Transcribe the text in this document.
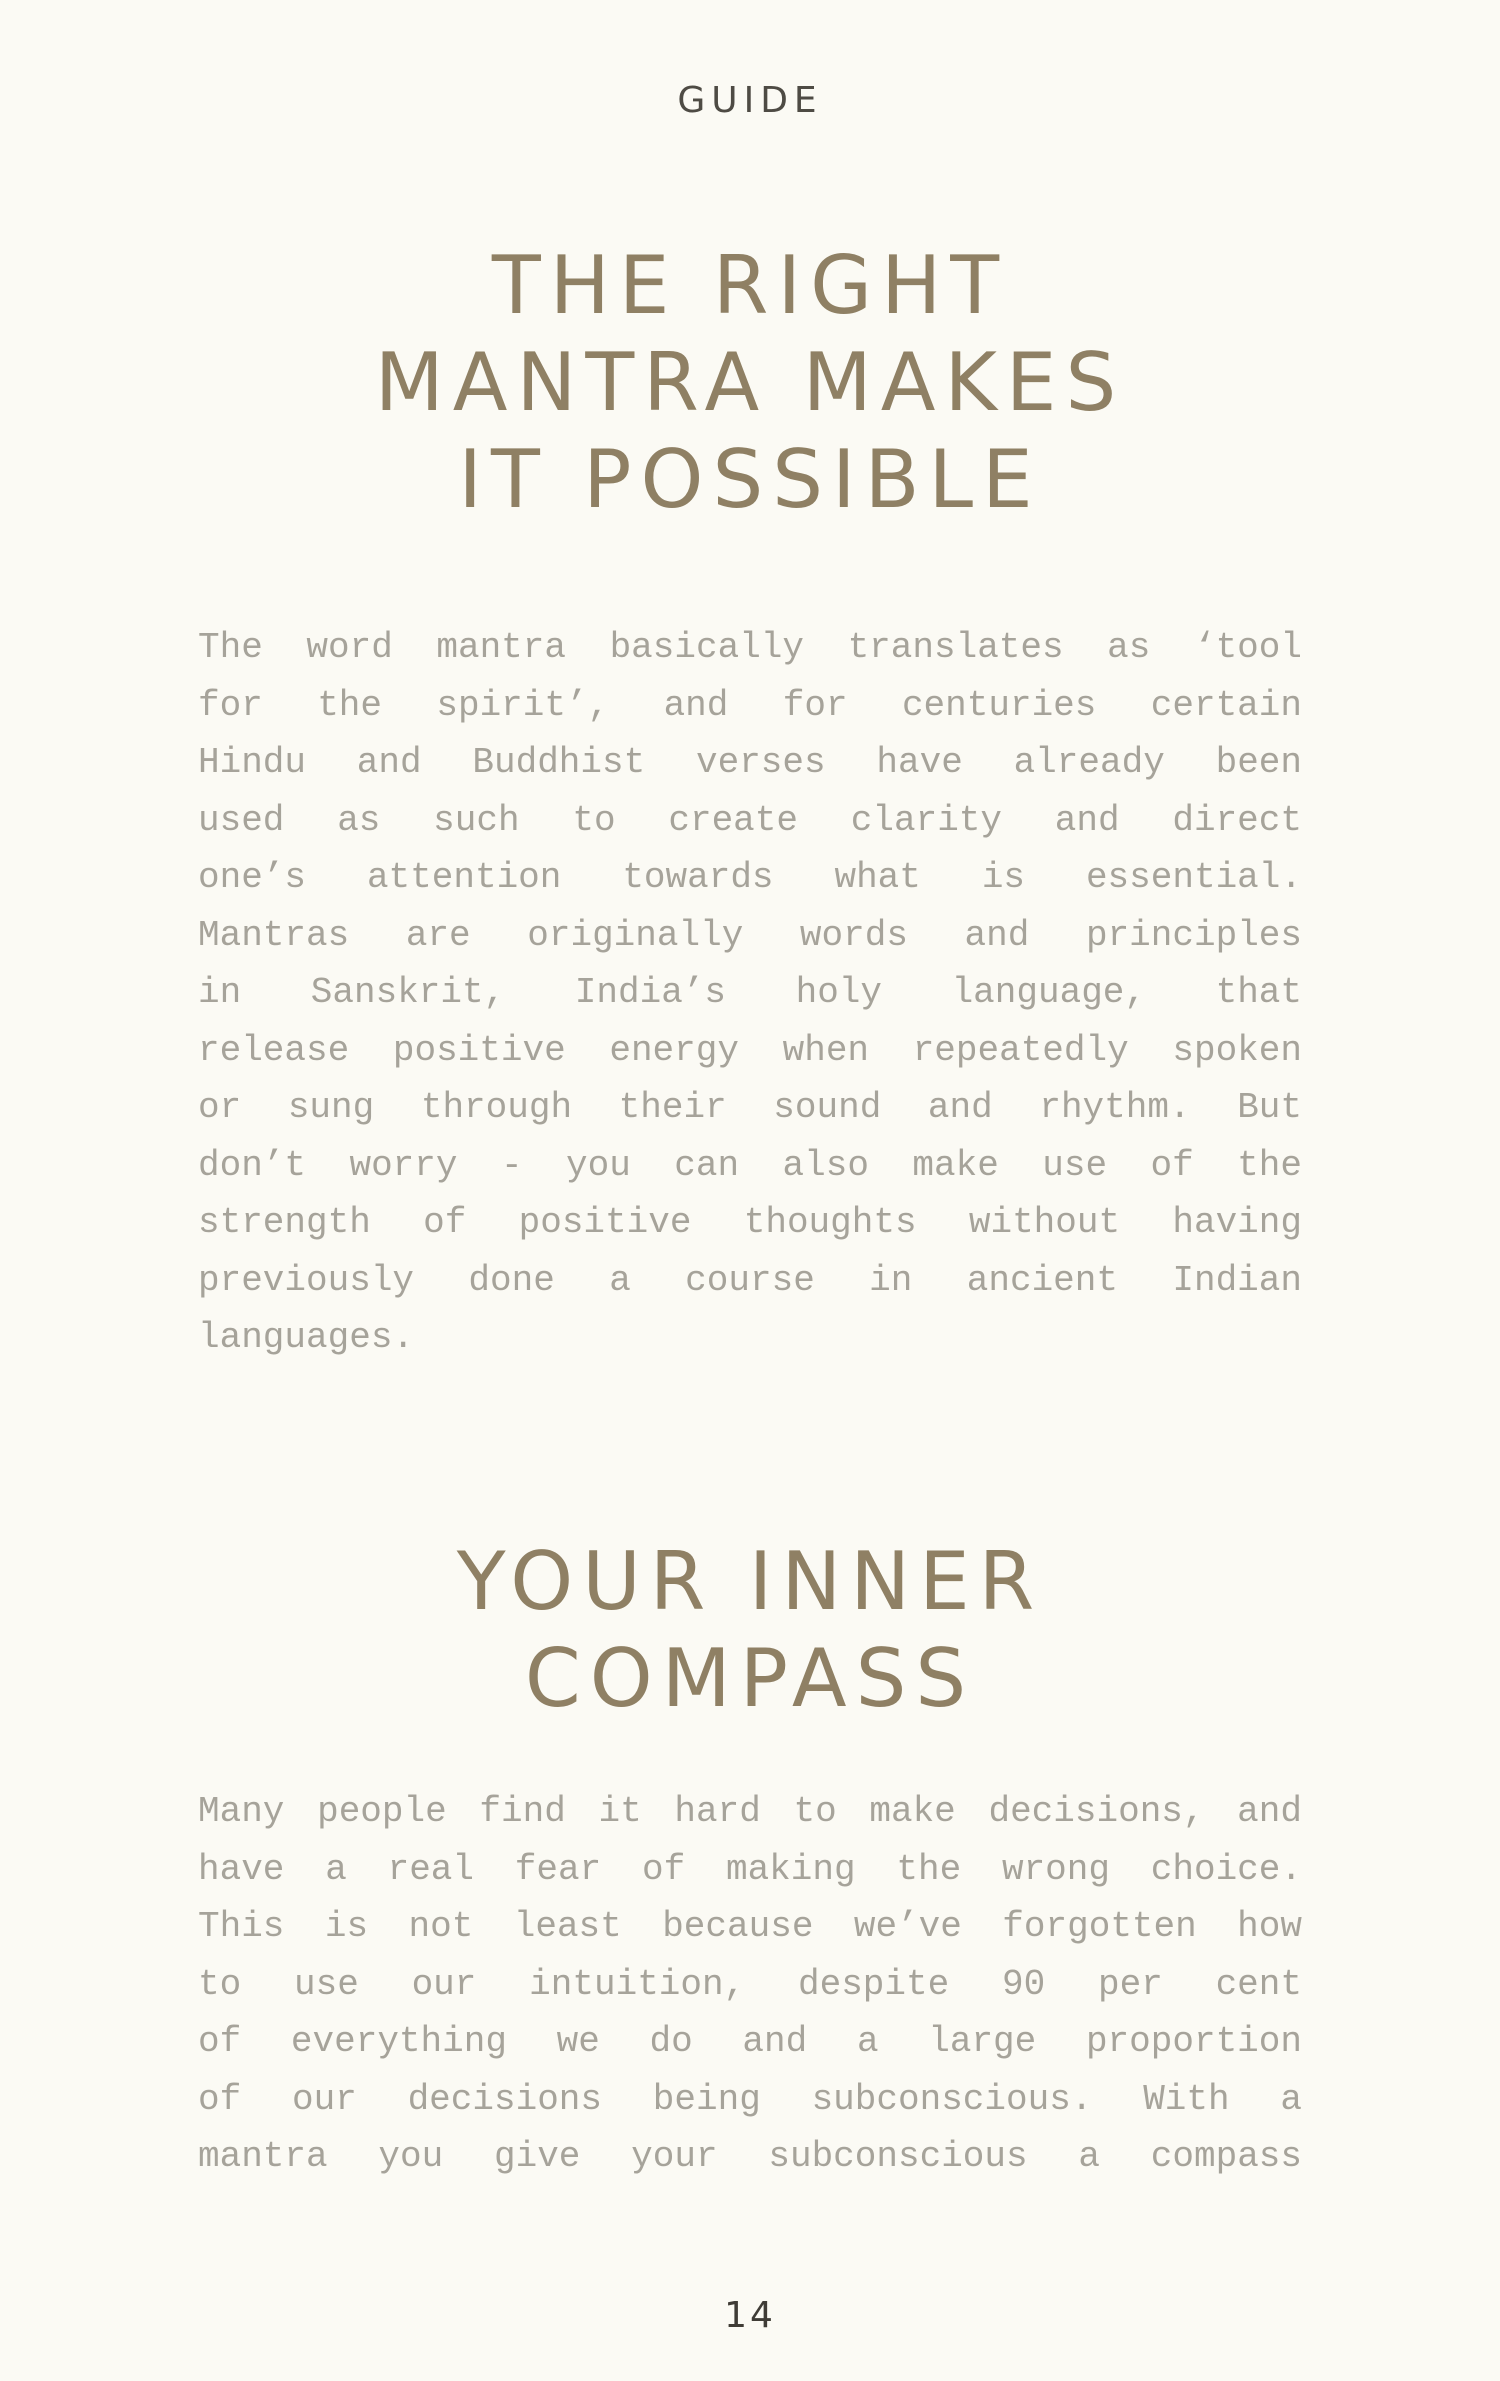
GUIDE

THE RIGHT
MANTRA MAKES
IT POSSIBLE

The word mantra basically translates as ‘tool
for the spirit’, and for centuries certain
Hindu and Buddhist verses have already been
used as such to create clarity and direct
one’s attention towards what is essential.
Mantras are originally words and principles
in Sanskrit, India’s holy language, that
release positive energy when repeatedly spoken
or sung through their sound and rhythm. But
don’t worry - you can also make use of the
strength of positive thoughts without having
previously done a course in ancient Indian
languages.

YOUR INNER
COMPASS

Many people find it hard to make decisions, and
have a real fear of making the wrong choice.
This is not least because we’ve forgotten how
to use our intuition, despite 90 per cent
of everything we do and a large proportion
of our decisions being subconscious. With a
mantra you give your subconscious a compass

14
